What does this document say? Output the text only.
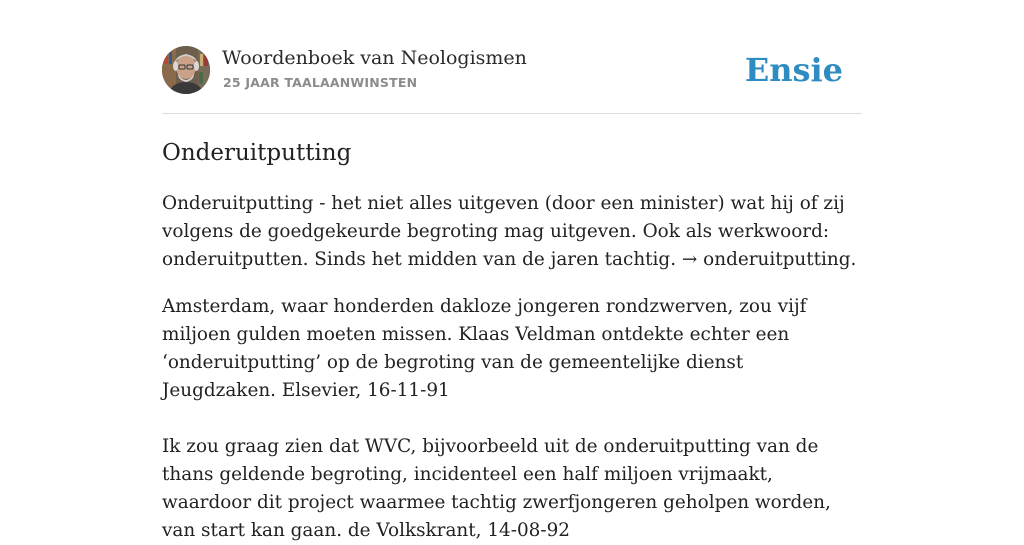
Woordenboek van Neologismen
25 JAAR TAALAANWINSTEN	Ensie
Onderuitputting

Onderuitputting - het niet alles uitgeven (door een minister) wat hij of zij volgens de goedgekeurde begroting mag uitgeven. Ook als werkwoord: onderuitputten. Sinds het midden van de jaren tachtig. → onderuitputting.

Amsterdam, waar honderden dakloze jongeren rondzwerven, zou vijf miljoen gulden moeten missen. Klaas Veldman ontdekte echter een ‘onderuitputting’ op de begroting van de gemeentelijke dienst Jeugdzaken. Elsevier, 16-11-91
Ik zou graag zien dat WVC, bijvoorbeeld uit de onderuitputting van de thans geldende begroting, incidenteel een half miljoen vrijmaakt, waardoor dit project waarmee tachtig zwerfjongeren geholpen worden, van start kan gaan. de Volkskrant, 14-08-92
